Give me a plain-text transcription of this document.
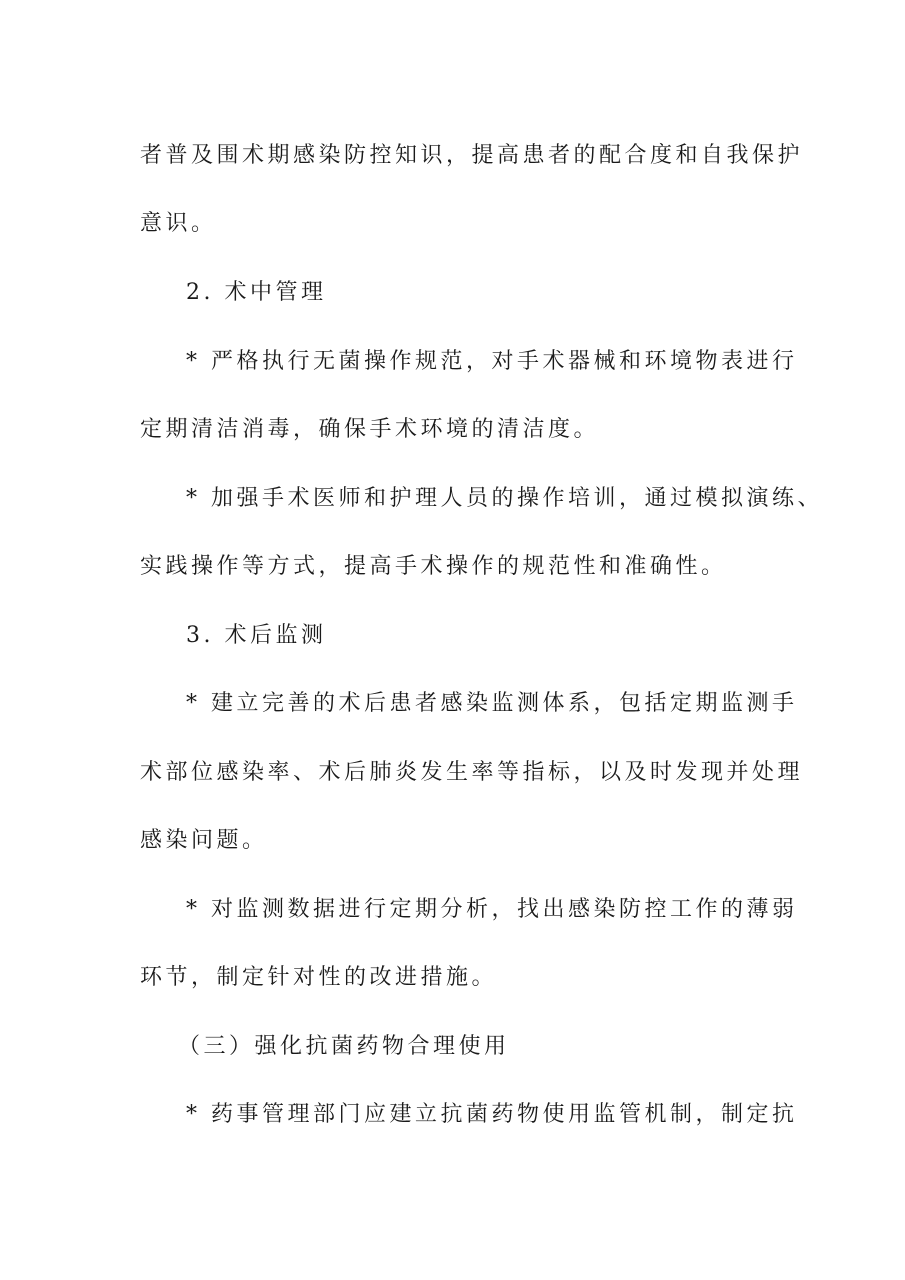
者普及围术期感染防控知识，提高患者的配合度和自我保护
意识。
2. 术中管理
* 严格执行无菌操作规范，对手术器械和环境物表进行
定期清洁消毒，确保手术环境的清洁度。
* 加强手术医师和护理人员的操作培训，通过模拟演练、
实践操作等方式，提高手术操作的规范性和准确性。
3. 术后监测
* 建立完善的术后患者感染监测体系，包括定期监测手
术部位感染率、术后肺炎发生率等指标，以及时发现并处理
感染问题。
* 对监测数据进行定期分析，找出感染防控工作的薄弱
环节，制定针对性的改进措施。
（三）强化抗菌药物合理使用
* 药事管理部门应建立抗菌药物使用监管机制，制定抗
